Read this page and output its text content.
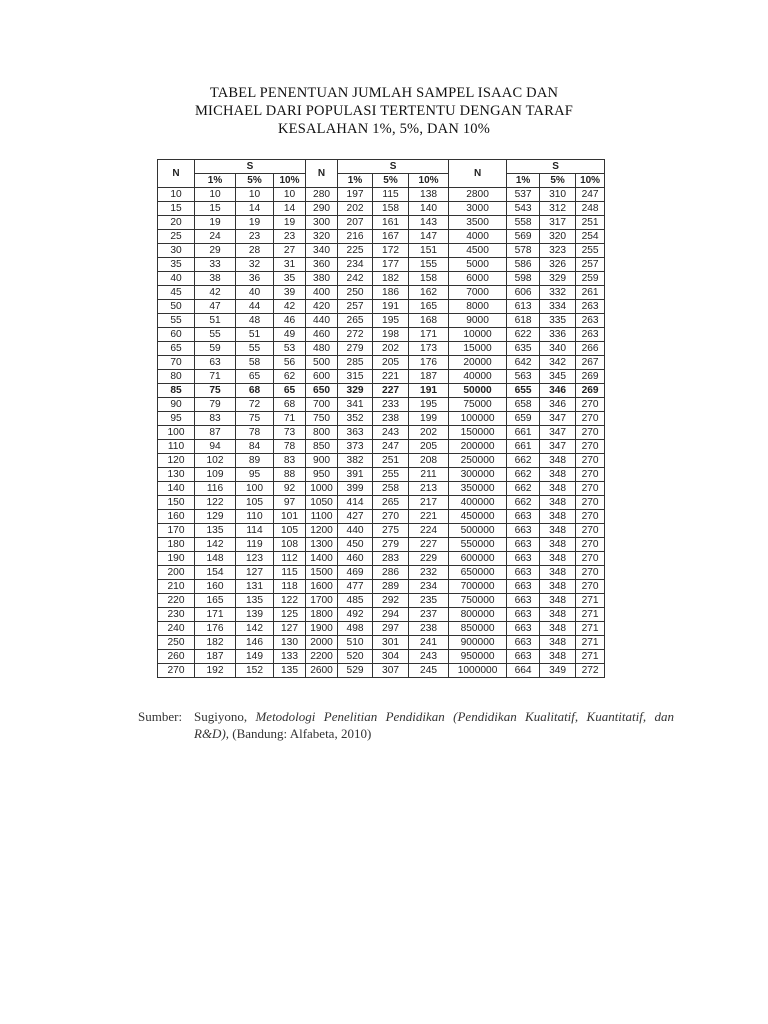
TABEL PENENTUAN JUMLAH SAMPEL ISAAC DAN
MICHAEL DARI POPULASI TERTENTU DENGAN TARAF
KESALAHAN 1%, 5%, DAN 10%
N	S			N	S			N	S		
	1%	5%	10%		1%	5%	10%		1%	5%	10%
10	10	10	10	280	197	115	138	2800	537	310	247
15	15	14	14	290	202	158	140	3000	543	312	248
20	19	19	19	300	207	161	143	3500	558	317	251
25	24	23	23	320	216	167	147	4000	569	320	254
30	29	28	27	340	225	172	151	4500	578	323	255
35	33	32	31	360	234	177	155	5000	586	326	257
40	38	36	35	380	242	182	158	6000	598	329	259
45	42	40	39	400	250	186	162	7000	606	332	261
50	47	44	42	420	257	191	165	8000	613	334	263
55	51	48	46	440	265	195	168	9000	618	335	263
60	55	51	49	460	272	198	171	10000	622	336	263
65	59	55	53	480	279	202	173	15000	635	340	266
70	63	58	56	500	285	205	176	20000	642	342	267
80	71	65	62	600	315	221	187	40000	563	345	269
85	75	68	65	650	329	227	191	50000	655	346	269
90	79	72	68	700	341	233	195	75000	658	346	270
95	83	75	71	750	352	238	199	100000	659	347	270
100	87	78	73	800	363	243	202	150000	661	347	270
110	94	84	78	850	373	247	205	200000	661	347	270
120	102	89	83	900	382	251	208	250000	662	348	270
130	109	95	88	950	391	255	211	300000	662	348	270
140	116	100	92	1000	399	258	213	350000	662	348	270
150	122	105	97	1050	414	265	217	400000	662	348	270
160	129	110	101	1100	427	270	221	450000	663	348	270
170	135	114	105	1200	440	275	224	500000	663	348	270
180	142	119	108	1300	450	279	227	550000	663	348	270
190	148	123	112	1400	460	283	229	600000	663	348	270
200	154	127	115	1500	469	286	232	650000	663	348	270
210	160	131	118	1600	477	289	234	700000	663	348	270
220	165	135	122	1700	485	292	235	750000	663	348	271
230	171	139	125	1800	492	294	237	800000	663	348	271
240	176	142	127	1900	498	297	238	850000	663	348	271
250	182	146	130	2000	510	301	241	900000	663	348	271
260	187	149	133	2200	520	304	243	950000	663	348	271
270	192	152	135	2600	529	307	245	1000000	664	349	272
Sumber: Sugiyono, Metodologi Penelitian Pendidikan (Pendidikan Kualitatif, Kuantitatif, dan R&D), (Bandung: Alfabeta, 2010)
